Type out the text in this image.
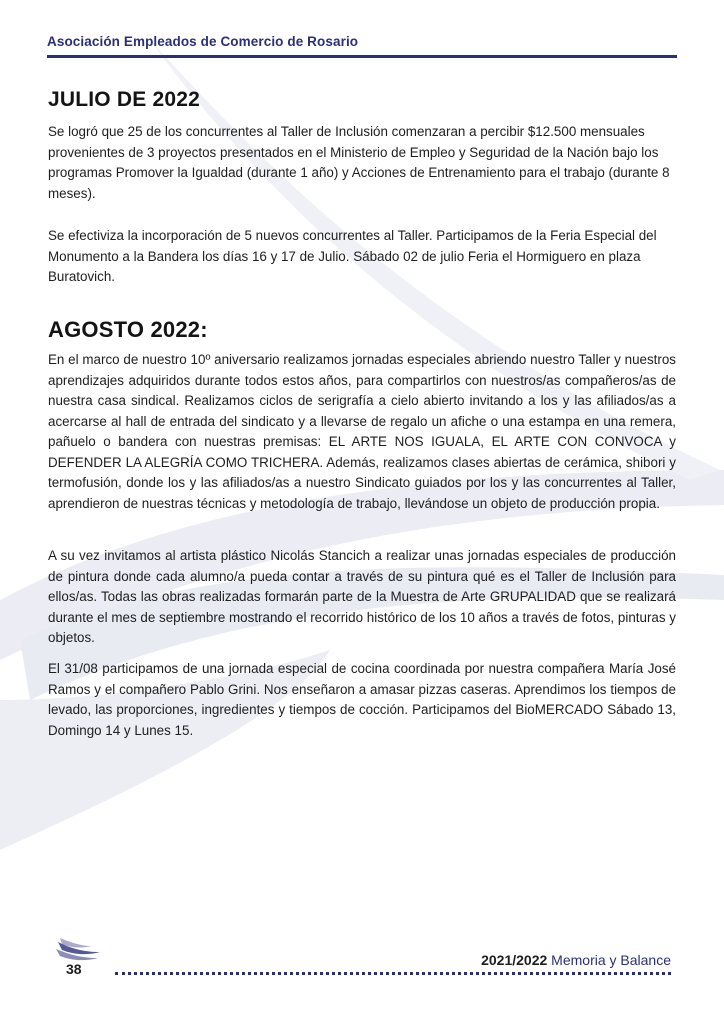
Asociación Empleados de Comercio de Rosario
JULIO DE 2022

Se logró que 25 de los concurrentes al Taller de Inclusión comenzaran a percibir $12.500 mensuales provenientes de 3 proyectos presentados en el Ministerio de Empleo y Seguridad de la Nación bajo los programas Promover la Igualdad (durante 1 año) y Acciones de Entrenamiento para el trabajo (durante 8 meses).

Se efectiviza la incorporación de 5 nuevos concurrentes al Taller. Participamos de la Feria Especial del Monumento a la Bandera los días 16 y 17 de Julio. Sábado 02 de julio Feria el Hormiguero en plaza Buratovich.

AGOSTO 2022:

En el marco de nuestro 10º aniversario realizamos jornadas especiales abriendo nuestro Taller y nuestros aprendizajes adquiridos durante todos estos años, para compartirlos con nuestros/as compañeros/as de nuestra casa sindical. Realizamos ciclos de serigrafía a cielo abierto invitando a los y las afiliados/as a acercarse al hall de entrada del sindicato y a llevarse de regalo un afiche o una estampa en una remera, pañuelo o bandera con nuestras premisas: EL ARTE NOS IGUALA, EL ARTE CON CONVOCA y DEFENDER LA ALEGRÍA COMO TRICHERA. Además, realizamos clases abiertas de cerámica, shibori y termofusión, donde los y las afiliados/as a nuestro Sindicato guiados por los y las concurrentes al Taller, aprendieron de nuestras técnicas y metodología de trabajo, llevándose un objeto de producción propia.

A su vez invitamos al artista plástico Nicolás Stancich a realizar unas jornadas especiales de producción de pintura donde cada alumno/a pueda contar a través de su pintura qué es el Taller de Inclusión para ellos/as. Todas las obras realizadas formarán parte de la Muestra de Arte GRUPALIDAD que se realizará durante el mes de septiembre mostrando el recorrido histórico de los 10 años a través de fotos, pinturas y objetos.

El 31/08 participamos de una jornada especial de cocina coordinada por nuestra compañera María José Ramos y el compañero Pablo Grini. Nos enseñaron a amasar pizzas caseras. Aprendimos los tiempos de levado, las proporciones, ingredientes y tiempos de cocción. Participamos del BioMERCADO Sábado 13, Domingo 14 y Lunes 15.

38
2021/2022 Memoria y Balance
